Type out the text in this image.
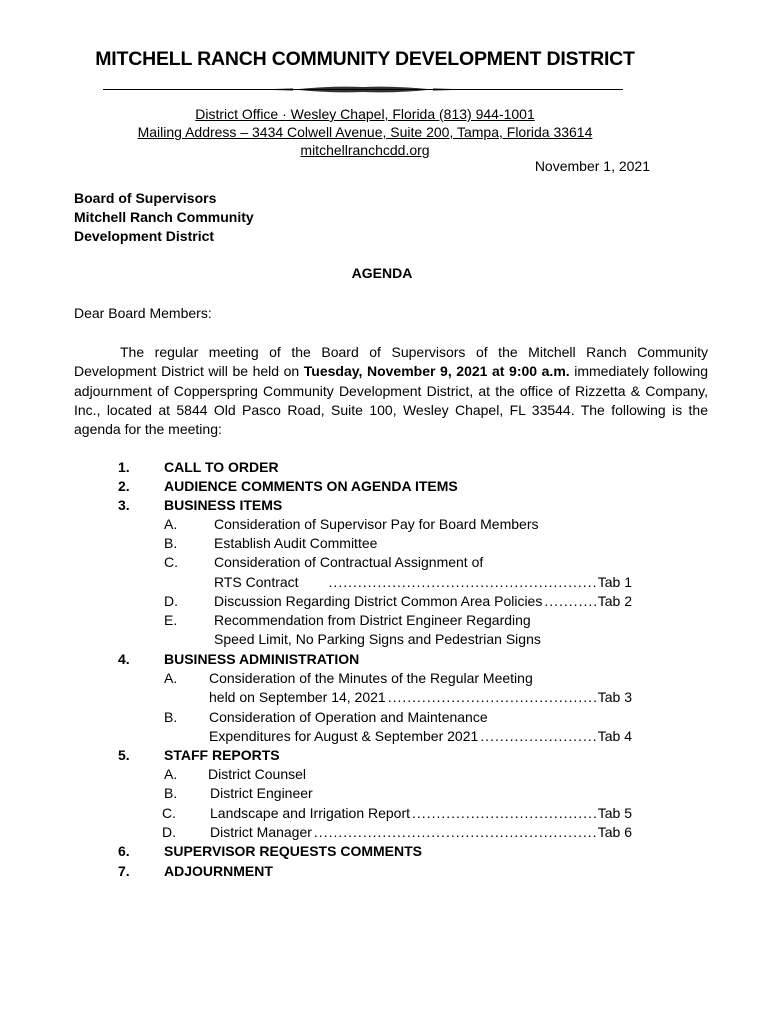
MITCHELL RANCH COMMUNITY DEVELOPMENT DISTRICT
District Office · Wesley Chapel, Florida (813) 944-1001
Mailing Address – 3434 Colwell Avenue, Suite 200, Tampa, Florida 33614
mitchellranchcdd.org
November 1, 2021
Board of Supervisors
Mitchell Ranch Community
Development District
AGENDA
Dear Board Members:

The regular meeting of the Board of Supervisors of the Mitchell Ranch Community Development District will be held on Tuesday, November 9, 2021 at 9:00 a.m. immediately following adjournment of Copperspring Community Development District, at the office of Rizzetta & Company, Inc., located at 5844 Old Pasco Road, Suite 100, Wesley Chapel, FL 33544. The following is the agenda for the meeting:

1. CALL TO ORDER
2. AUDIENCE COMMENTS ON AGENDA ITEMS
3. BUSINESS ITEMS
A.	Consideration of Supervisor Pay for Board Members
B.	Establish Audit Committee
C.	Consideration of Contractual Assignment of
RTS Contract .....	Tab 1
D.	Discussion Regarding District Common Area Policies .....	Tab 2
E.	Recommendation from District Engineer Regarding
Speed Limit, No Parking Signs and Pedestrian Signs
4. BUSINESS ADMINISTRATION
A. Consideration of the Minutes of the Regular Meeting
held on September 14, 2021 .....	Tab 3
B. Consideration of Operation and Maintenance
Expenditures for August & September 2021 .....	Tab 4
5. STAFF REPORTS
A. District Counsel
B. District Engineer
C. Landscape and Irrigation Report .....	Tab 5
D. District Manager .....	Tab 6
6. SUPERVISOR REQUESTS COMMENTS
7. ADJOURNMENT
